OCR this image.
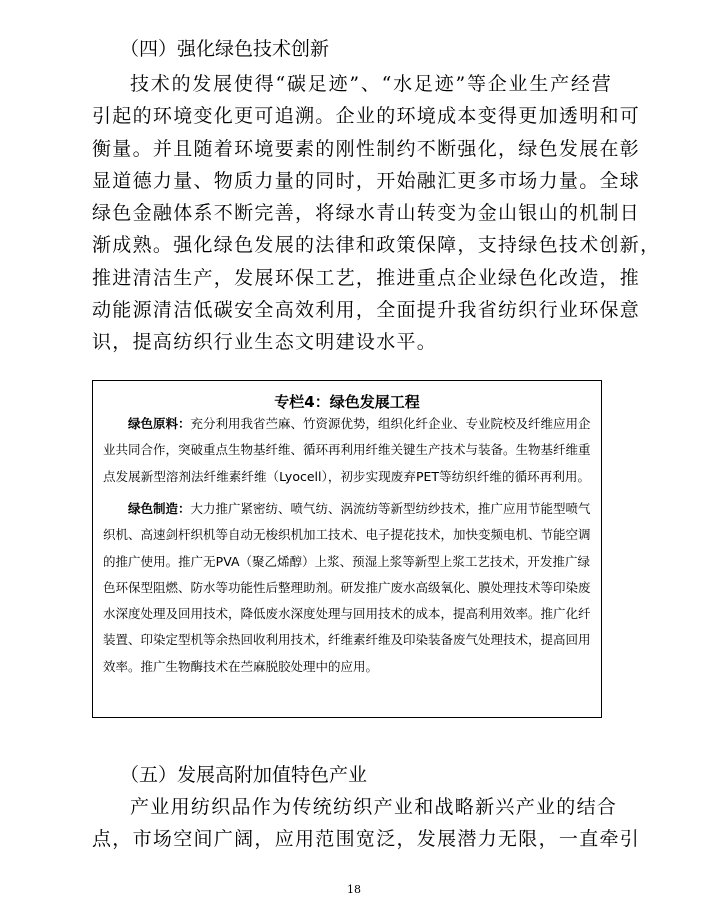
（四）强化绿色技术创新
技术的发展使得“碳足迹”、“水足迹”等企业生产经营
引起的环境变化更可追溯。企业的环境成本变得更加透明和可
衡量。并且随着环境要素的刚性制约不断强化，绿色发展在彰
显道德力量、物质力量的同时，开始融汇更多市场力量。全球
绿色金融体系不断完善，将绿水青山转变为金山银山的机制日
渐成熟。强化绿色发展的法律和政策保障，支持绿色技术创新，
推进清洁生产，发展环保工艺，推进重点企业绿色化改造，推
动能源清洁低碳安全高效利用，全面提升我省纺织行业环保意
识，提高纺织行业生态文明建设水平。
专栏4：绿色发展工程
绿色原料：充分利用我省苎麻、竹资源优势，组织化纤企业、专业院校及纤维应用企
业共同合作，突破重点生物基纤维、循环再利用纤维关键生产技术与装备。生物基纤维重
点发展新型溶剂法纤维素纤维（Lyocell），初步实现废弃PET等纺织纤维的循环再利用。
绿色制造：大力推广紧密纺、喷气纺、涡流纺等新型纺纱技术，推广应用节能型喷气
织机、高速剑杆织机等自动无梭织机加工技术、电子提花技术，加快变频电机、节能空调
的推广使用。推广无PVA（聚乙烯醇）上浆、预湿上浆等新型上浆工艺技术，开发推广绿
色环保型阻燃、防水等功能性后整理助剂。研发推广废水高级氧化、膜处理技术等印染废
水深度处理及回用技术，降低废水深度处理与回用技术的成本，提高利用效率。推广化纤
装置、印染定型机等余热回收利用技术，纤维素纤维及印染装备废气处理技术，提高回用
效率。推广生物酶技术在苎麻脱胶处理中的应用。
（五）发展高附加值特色产业
产业用纺织品作为传统纺织产业和战略新兴产业的结合
点，市场空间广阔，应用范围宽泛，发展潜力无限，一直牵引
18
